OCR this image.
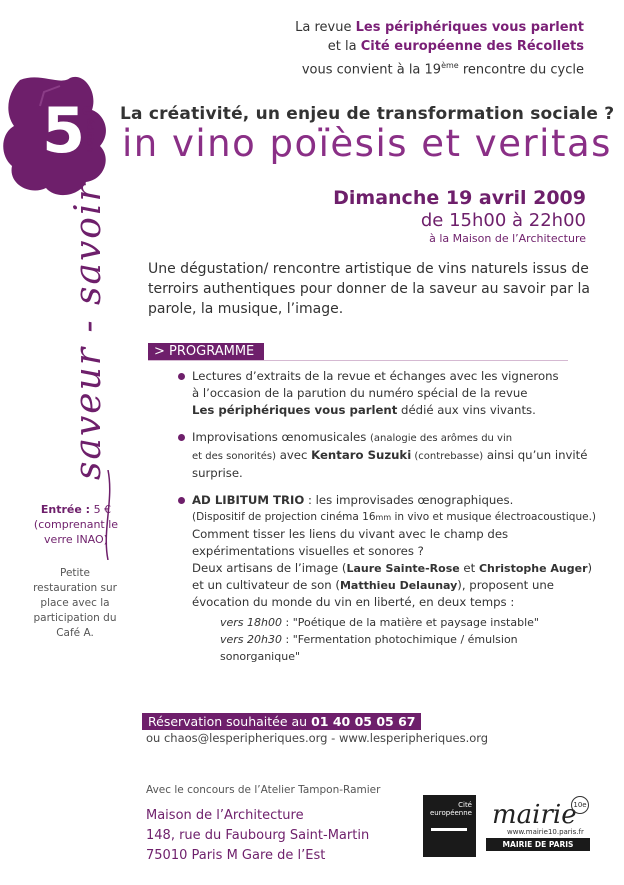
5
e
édition
saveur - savoir
La revue Les périphériques vous parlent
et la Cité européenne des Récollets
vous convient à la 19ème rencontre du cycle
La créativité, un enjeu de transformation sociale ?
in vino poïèsis et veritas
Dimanche 19 avril 2009
de 15h00 à 22h00
à la Maison de l’Architecture
Une dégustation/ rencontre artistique de vins naturels issus de terroirs authentiques pour donner de la saveur au savoir par la parole, la musique, l’image.
> PROGRAMME
Lectures d’extraits de la revue et échanges avec les vignerons
à l’occasion de la parution du numéro spécial de la revue
Les périphériques vous parlent dédié aux vins vivants.
Improvisations œnomusicales (analogie des arômes du vin
et des sonorités) avec Kentaro Suzuki (contrebasse) ainsi qu’un invité surprise.
AD LIBITUM TRIO : les improvisades œnographiques.
(Dispositif de projection cinéma 16mm in vivo et musique électroacoustique.)
Comment tisser les liens du vivant avec le champ des expérimentations visuelles et sonores ?
Deux artisans de l’image (Laure Sainte-Rose et Christophe Auger) et un cultivateur de son (Matthieu Delaunay), proposent une évocation du monde du vin en liberté, en deux temps :
vers 18h00 : "Poétique de la matière et paysage instable"
vers 20h30 : "Fermentation photochimique / émulsion sonorganique"
Entrée : 5 €
(comprenant le verre INAO)
Petite restauration sur place avec la participation du Café A.
Réservation souhaitée au 01 40 05 05 67
ou chaos@lesperipheriques.org - www.lesperipheriques.org
Avec le concours de l’Atelier Tampon-Ramier
Maison de l’Architecture
148, rue du Faubourg Saint-Martin
75010 Paris M Gare de l’Est
Cité européenne mairie
10e
www.mairie10.paris.fr
MAIRIE DE PARIS
